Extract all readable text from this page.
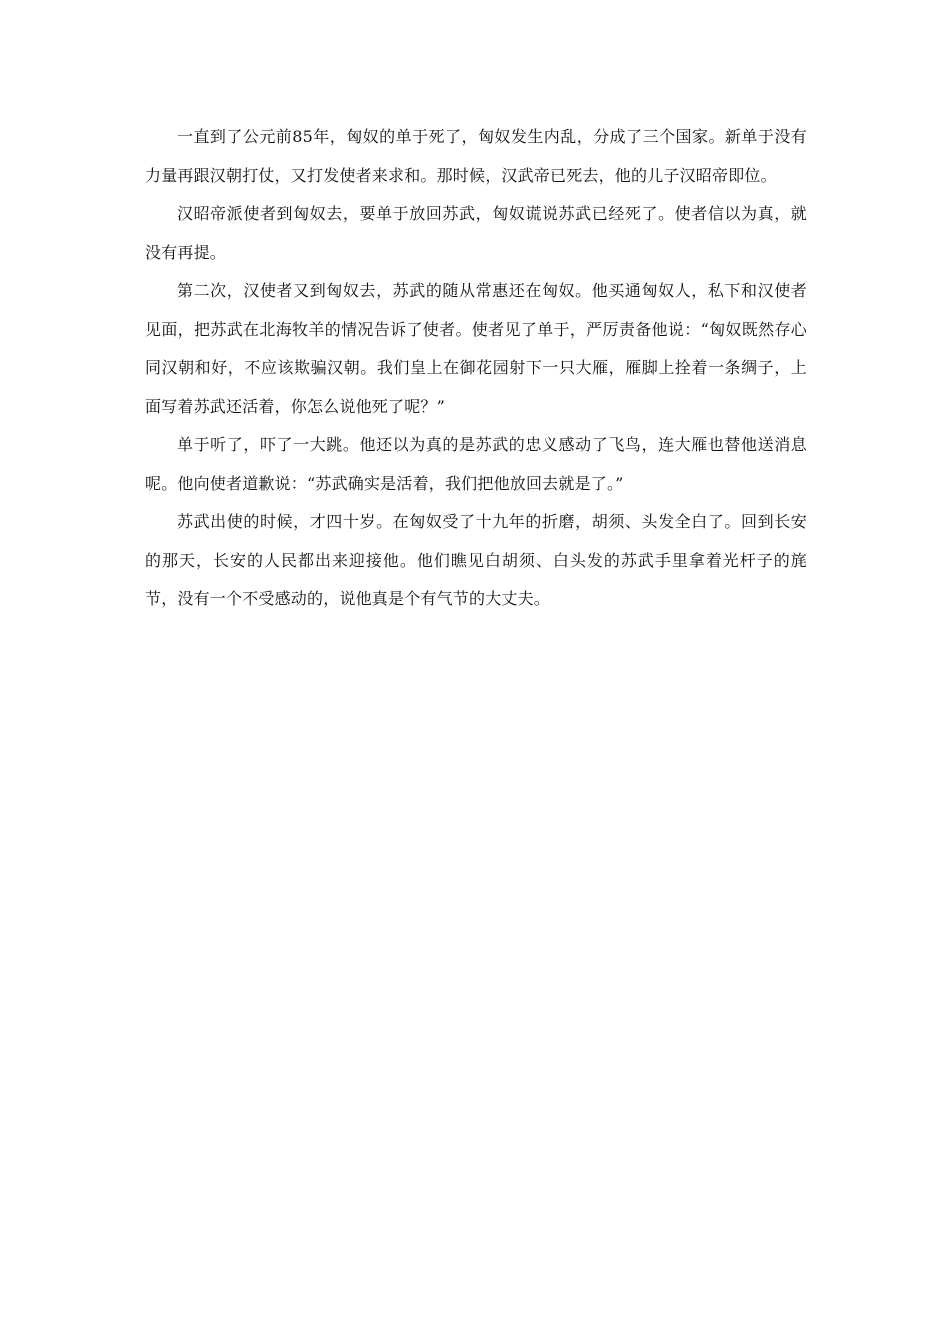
一直到了公元前85年，匈奴的单于死了，匈奴发生内乱，分成了三个国家。新单于没有力量再跟汉朝打仗，又打发使者来求和。那时候，汉武帝已死去，他的儿子汉昭帝即位。

汉昭帝派使者到匈奴去，要单于放回苏武，匈奴谎说苏武已经死了。使者信以为真，就没有再提。

第二次，汉使者又到匈奴去，苏武的随从常惠还在匈奴。他买通匈奴人，私下和汉使者见面，把苏武在北海牧羊的情况告诉了使者。使者见了单于，严厉责备他说：“匈奴既然存心同汉朝和好，不应该欺骗汉朝。我们皇上在御花园射下一只大雁，雁脚上拴着一条绸子，上面写着苏武还活着，你怎么说他死了呢？”

单于听了，吓了一大跳。他还以为真的是苏武的忠义感动了飞鸟，连大雁也替他送消息呢。他向使者道歉说：“苏武确实是活着，我们把他放回去就是了。”

苏武出使的时候，才四十岁。在匈奴受了十九年的折磨，胡须、头发全白了。回到长安的那天，长安的人民都出来迎接他。他们瞧见白胡须、白头发的苏武手里拿着光杆子的旄节，没有一个不受感动的，说他真是个有气节的大丈夫。
